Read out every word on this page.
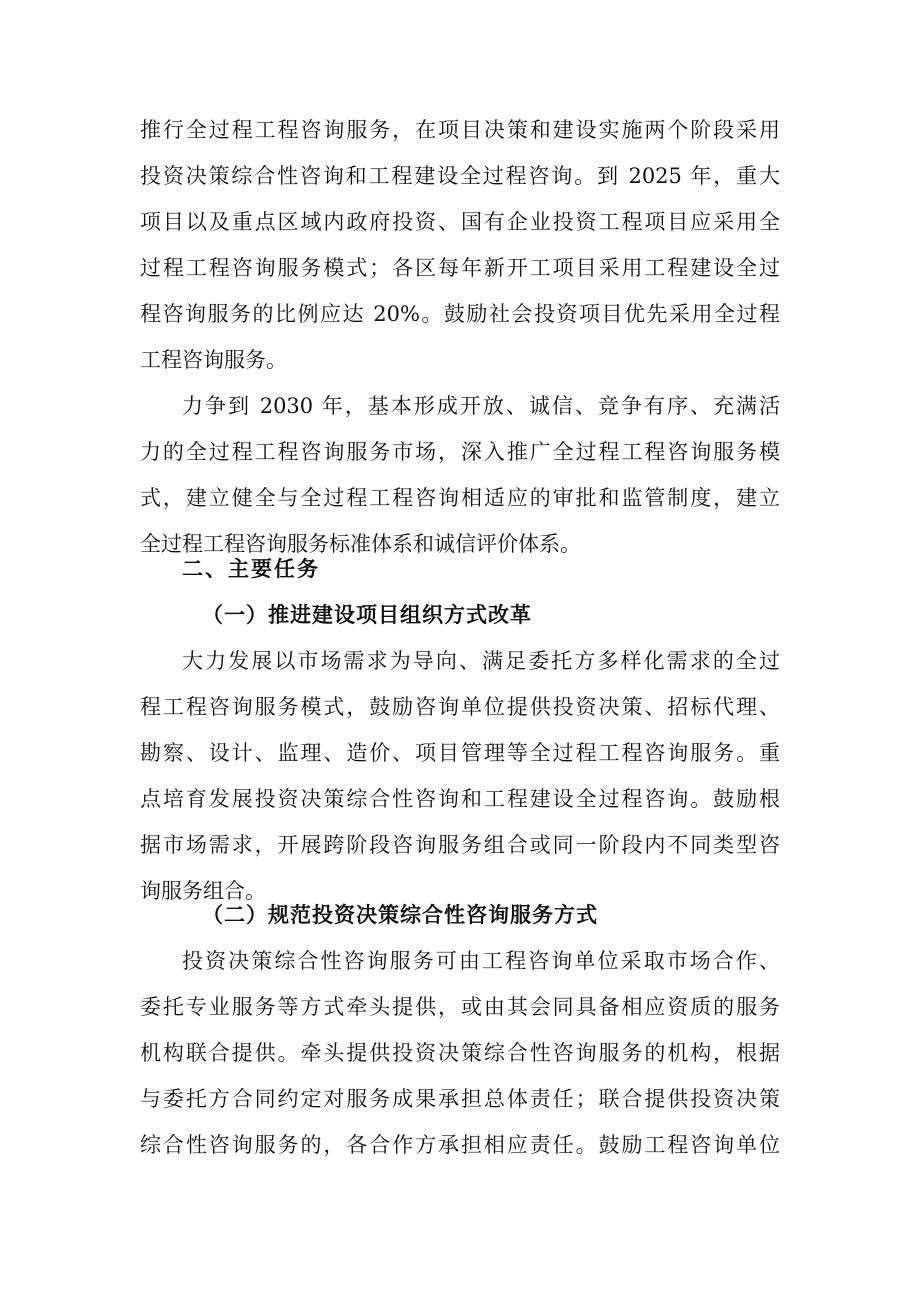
推行全过程工程咨询服务，在项目决策和建设实施两个阶段采用
投资决策综合性咨询和工程建设全过程咨询。到 2025 年，重大
项目以及重点区域内政府投资、国有企业投资工程项目应采用全
过程工程咨询服务模式；各区每年新开工项目采用工程建设全过
程咨询服务的比例应达 20%。鼓励社会投资项目优先采用全过程
工程咨询服务。
力争到 2030 年，基本形成开放、诚信、竞争有序、充满活
力的全过程工程咨询服务市场，深入推广全过程工程咨询服务模
式，建立健全与全过程工程咨询相适应的审批和监管制度，建立
全过程工程咨询服务标准体系和诚信评价体系。
二、主要任务
（一）推进建设项目组织方式改革
大力发展以市场需求为导向、满足委托方多样化需求的全过
程工程咨询服务模式，鼓励咨询单位提供投资决策、招标代理、
勘察、设计、监理、造价、项目管理等全过程工程咨询服务。重
点培育发展投资决策综合性咨询和工程建设全过程咨询。鼓励根
据市场需求，开展跨阶段咨询服务组合或同一阶段内不同类型咨
询服务组合。
（二）规范投资决策综合性咨询服务方式
投资决策综合性咨询服务可由工程咨询单位采取市场合作、
委托专业服务等方式牵头提供，或由其会同具备相应资质的服务
机构联合提供。牵头提供投资决策综合性咨询服务的机构，根据
与委托方合同约定对服务成果承担总体责任；联合提供投资决策
综合性咨询服务的，各合作方承担相应责任。鼓励工程咨询单位
